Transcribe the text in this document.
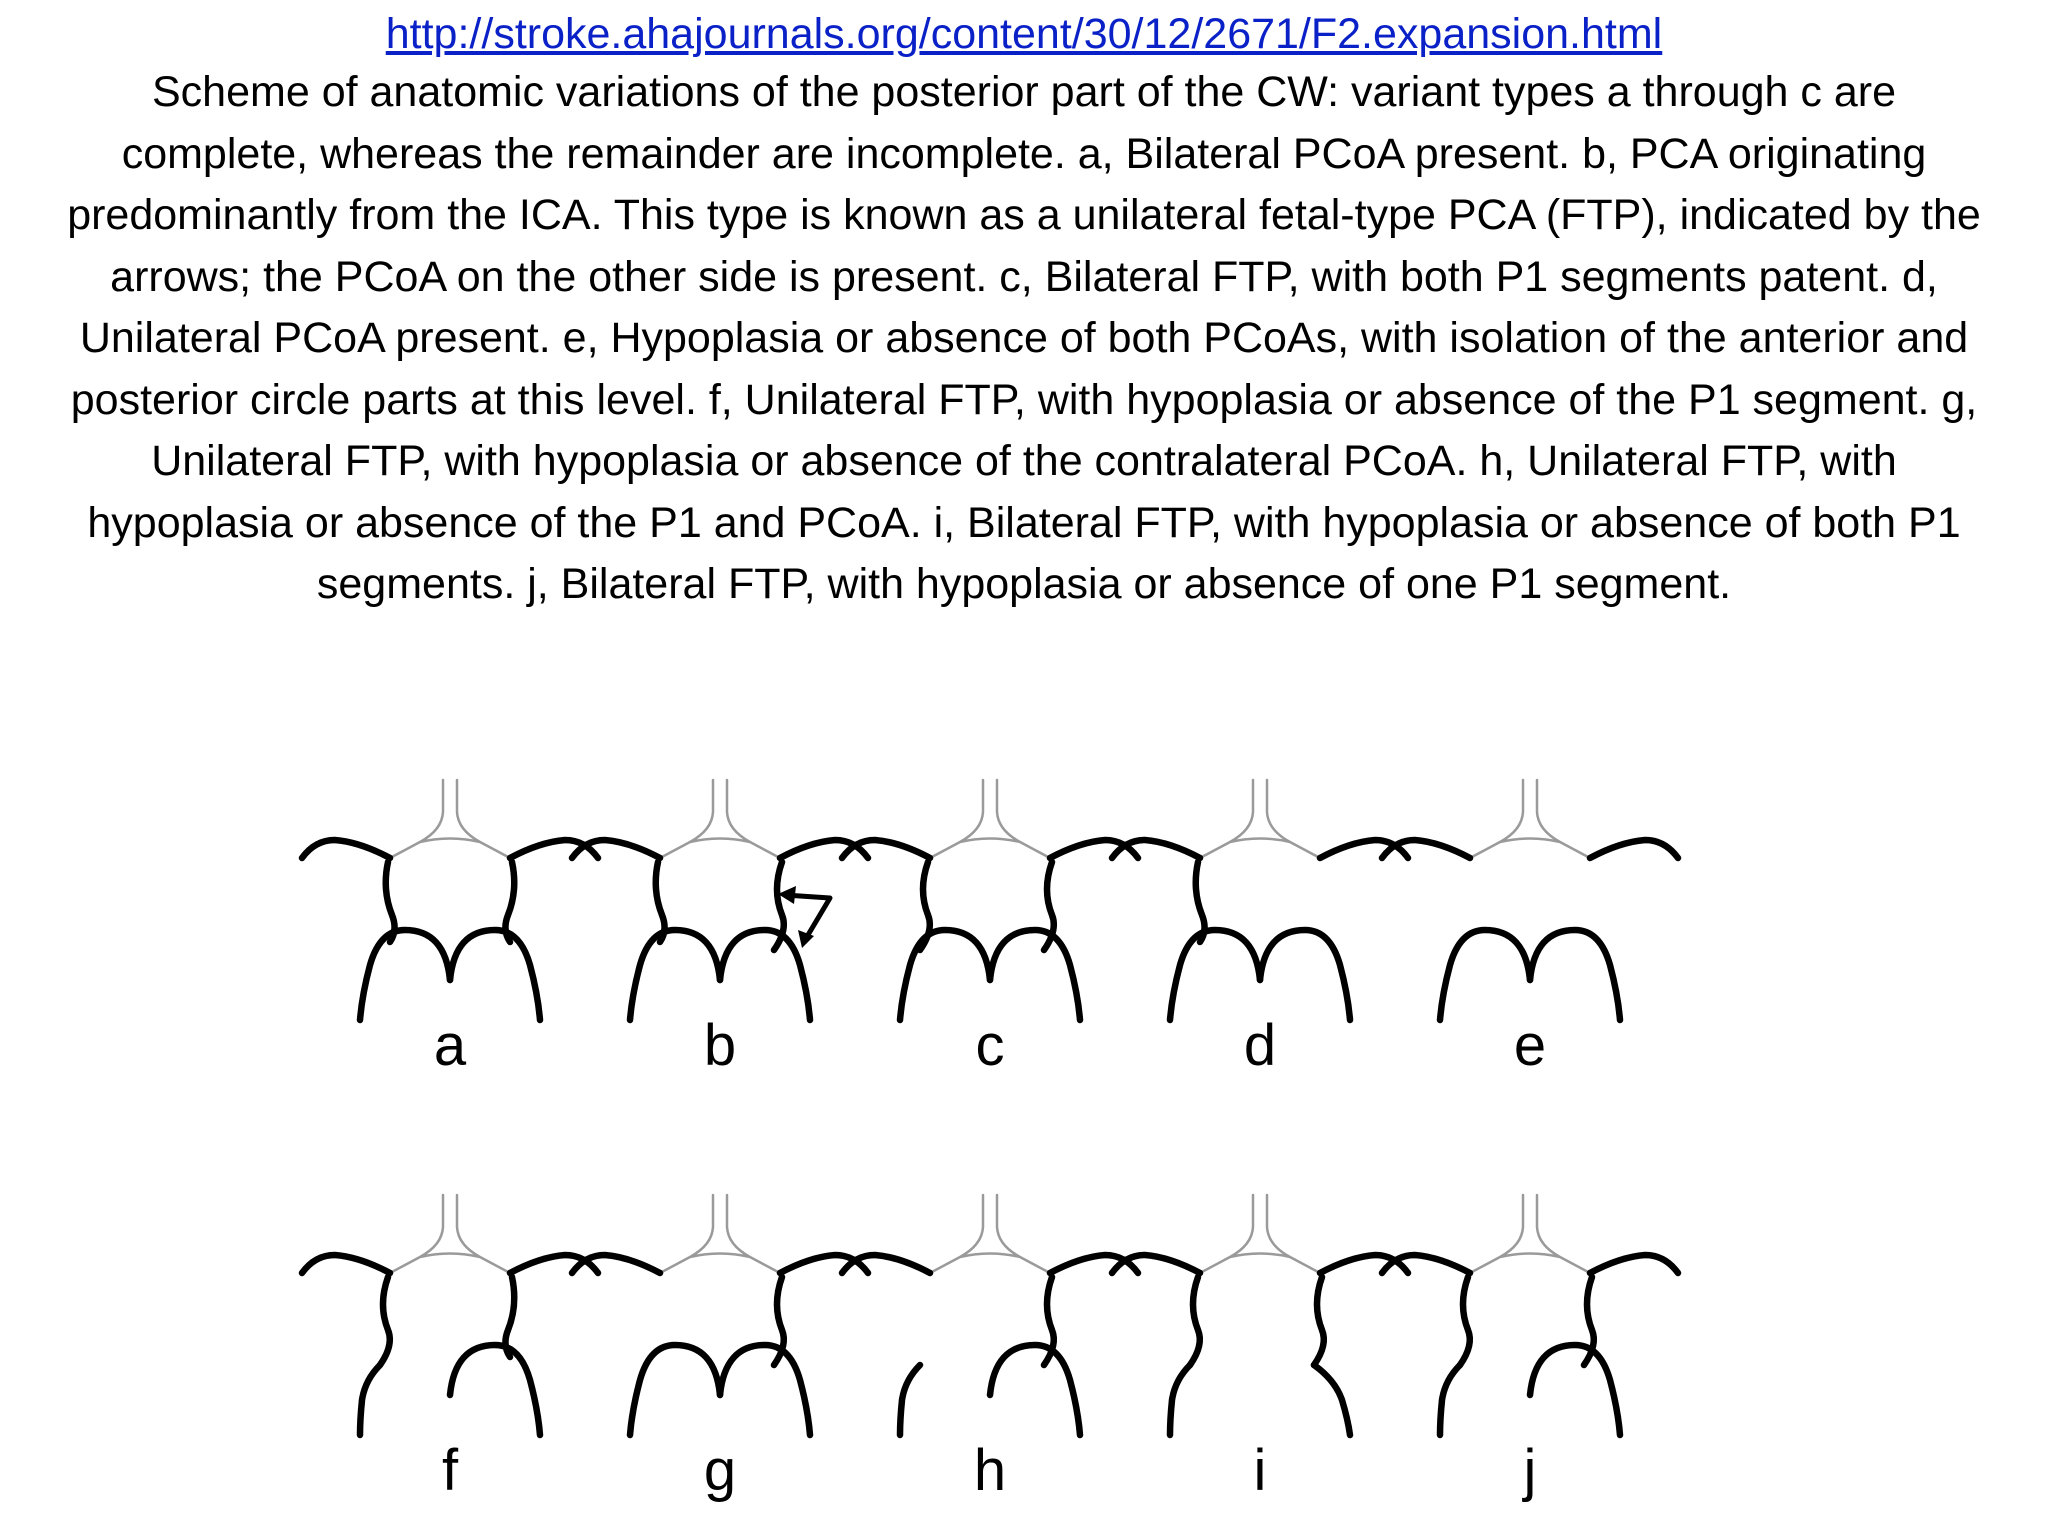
http://stroke.ahajournals.org/content/30/12/2671/F2.expansion.html
Scheme of anatomic variations of the posterior part of the CW: variant types a through c are complete, whereas the remainder are incomplete. a, Bilateral PCoA present. b, PCA originating predominantly from the ICA. This type is known as a unilateral fetal-type PCA (FTP), indicated by the arrows; the PCoA on the other side is present. c, Bilateral FTP, with both P1 segments patent. d, Unilateral PCoA present. e, Hypoplasia or absence of both PCoAs, with isolation of the anterior and posterior circle parts at this level. f, Unilateral FTP, with hypoplasia or absence of the P1 segment. g, Unilateral FTP, with hypoplasia or absence of the contralateral PCoA. h, Unilateral FTP, with hypoplasia or absence of the P1 and PCoA. i, Bilateral FTP, with hypoplasia or absence of both P1 segments. j, Bilateral FTP, with hypoplasia or absence of one P1 segment.
a	b	c	d	e
f	g	h	i	j
